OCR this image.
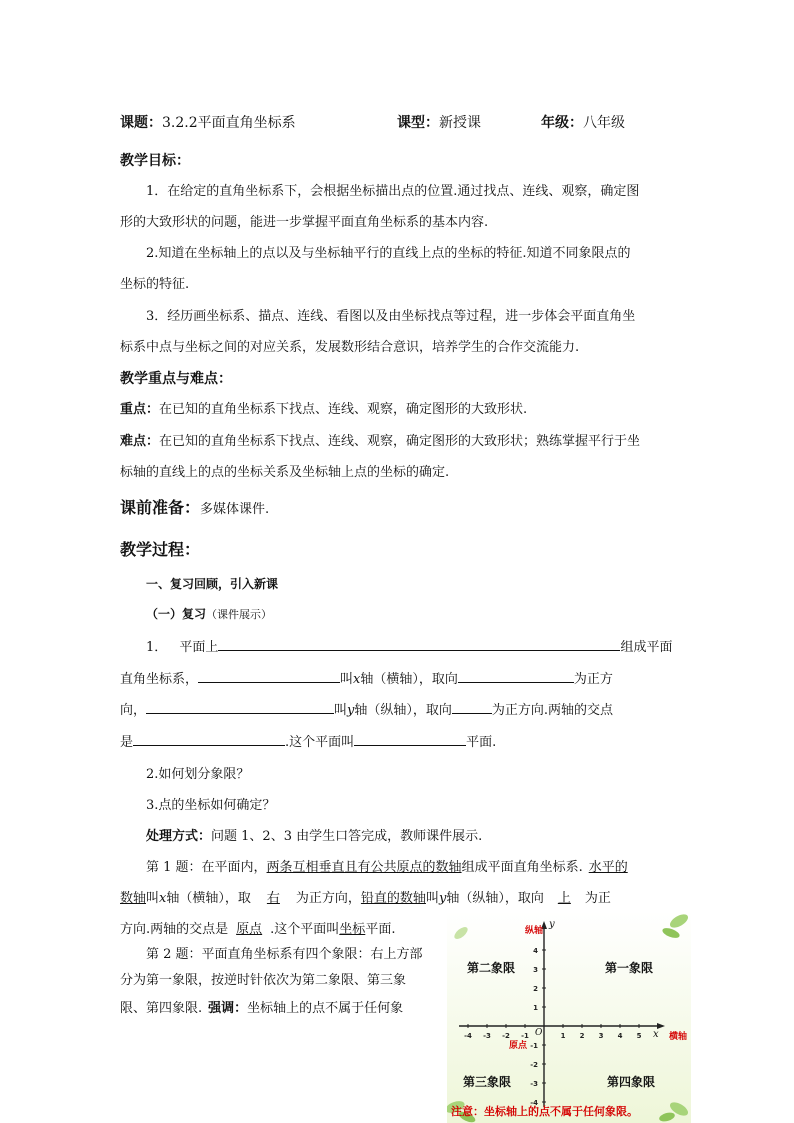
课题：3.2.2平面直角坐标系	课型：新授课	年级：八年级
教学目标：
1．在给定的直角坐标系下，会根据坐标描出点的位置.通过找点、连线、观察，确定图
形的大致形状的问题，能进一步掌握平面直角坐标系的基本内容.
2.知道在坐标轴上的点以及与坐标轴平行的直线上点的坐标的特征.知道不同象限点的
坐标的特征.
3．经历画坐标系、描点、连线、看图以及由坐标找点等过程，进一步体会平面直角坐
标系中点与坐标之间的对应关系，发展数形结合意识，培养学生的合作交流能力.
教学重点与难点：
重点：在已知的直角坐标系下找点、连线、观察，确定图形的大致形状.
难点：在已知的直角坐标系下找点、连线、观察，确定图形的大致形状；熟练掌握平行于坐
标轴的直线上的点的坐标关系及坐标轴上点的坐标的确定.
课前准备：多媒体课件.
教学过程：
一、复习回顾，引入新课
（一）复习（课件展示）
1． 平面上	组成平面
直角坐标系，	叫x轴（横轴），取向	为正方
向，	叫y轴（纵轴），取向	为正方向.两轴的交点
是	.这个平面叫	平面.
2.如何划分象限？
3.点的坐标如何确定？
处理方式：问题 1、2、3 由学生口答完成，教师课件展示.
第 1 题：在平面内，两条互相垂直且有公共原点的数轴组成平面直角坐标系. 水平的
数轴叫x轴（横轴），取 右 为正方向，铅直的数轴叫y轴（纵轴），取向 上 为正
方向.两轴的交点是 原点 .这个平面叫坐标平面.
第 2 题：平面直角坐标系有四个象限：右上方部
分为第一象限，按逆时针依次为第二象限、第三象
限、第四象限. 强调：坐标轴上的点不属于任何象
-4 -3 -2 -1	1 2 3 4 5
4
3
2
1
-1
-2
-3
-4
纵轴
y
横轴
x
原点
O
第二象限	第一象限
第三象限	第四象限
注意：坐标轴上的点不属于任何象限。
